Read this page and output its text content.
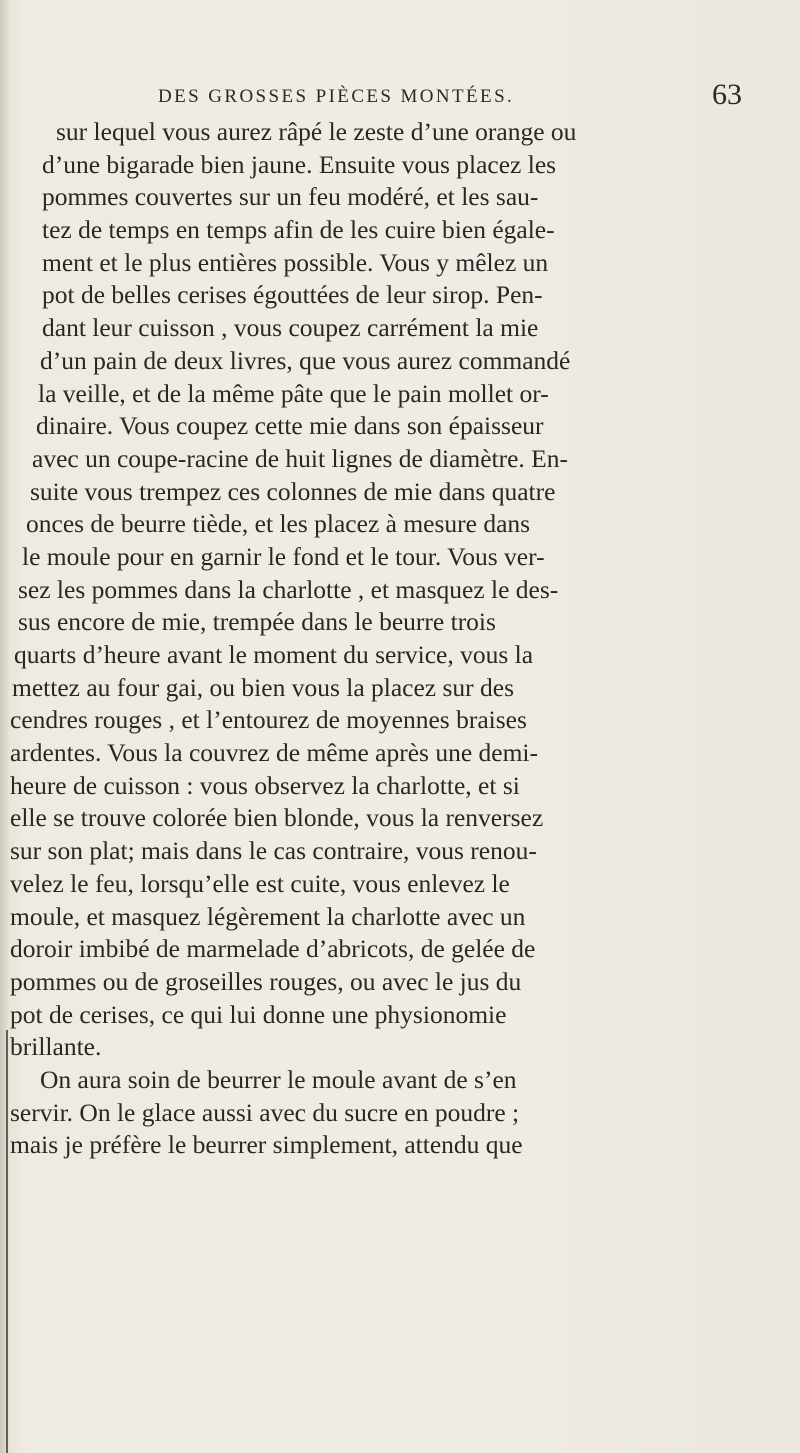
DES GROSSES PIÈCES MONTÉES.	63
sur lequel vous aurez râpé le zeste d’une orange ou
d’une bigarade bien jaune. Ensuite vous placez les
pommes couvertes sur un feu modéré, et les sau-
tez de temps en temps afin de les cuire bien égale-
ment et le plus entières possible. Vous y mêlez un
pot de belles cerises égouttées de leur sirop. Pen-
dant leur cuisson , vous coupez carrément la mie
d’un pain de deux livres, que vous aurez commandé
la veille, et de la même pâte que le pain mollet or-
dinaire. Vous coupez cette mie dans son épaisseur
avec un coupe-racine de huit lignes de diamètre. En-
suite vous trempez ces colonnes de mie dans quatre
onces de beurre tiède, et les placez à mesure dans
le moule pour en garnir le fond et le tour. Vous ver-
sez les pommes dans la charlotte , et masquez le des-
sus encore de mie, trempée dans le beurre trois
quarts d’heure avant le moment du service, vous la
mettez au four gai, ou bien vous la placez sur des
cendres rouges , et l’entourez de moyennes braises
ardentes. Vous la couvrez de même après une demi-
heure de cuisson : vous observez la charlotte, et si
elle se trouve colorée bien blonde, vous la renversez
sur son plat; mais dans le cas contraire, vous renou-
velez le feu, lorsqu’elle est cuite, vous enlevez le
moule, et masquez légèrement la charlotte avec un
doroir imbibé de marmelade d’abricots, de gelée de
pommes ou de groseilles rouges, ou avec le jus du
pot de cerises, ce qui lui donne une physionomie
brillante.
On aura soin de beurrer le moule avant de s’en
servir. On le glace aussi avec du sucre en poudre ;
mais je préfère le beurrer simplement, attendu que
